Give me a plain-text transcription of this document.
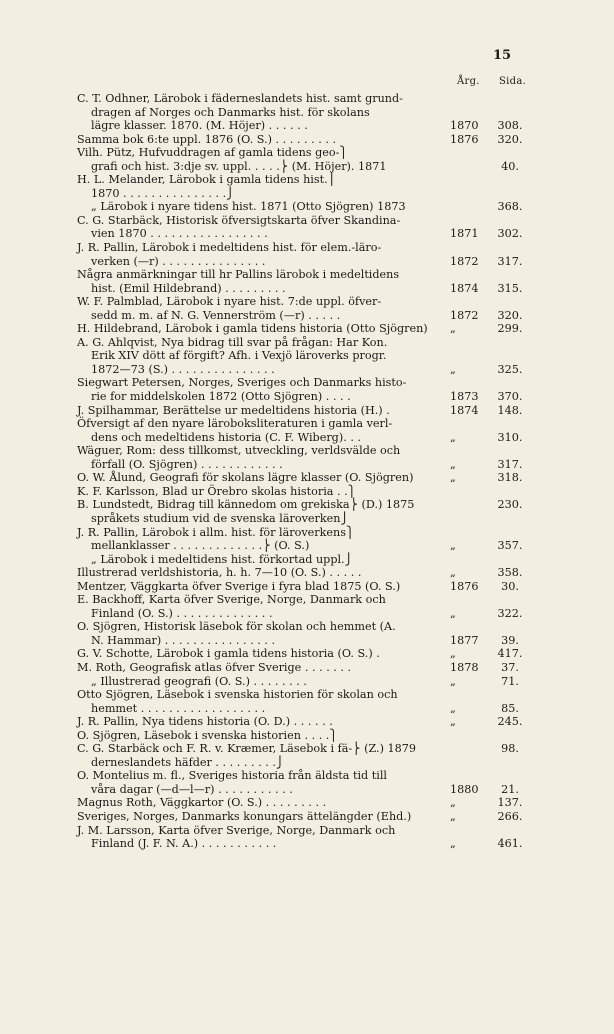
15
Årg. Sida.
C. T. Odhner, Lärobok i fäderneslandets hist. samt grund-
dragen af Norges och Danmarks hist. för skolans
lägre klasser. 1870. (M. Höjer) . . . . . .	1870	308.
Samma bok 6:te uppl. 1876 (O. S.) . . . . . . . . .	1876	320.
Vilh. Pütz, Hufvuddragen af gamla tidens geo-⎫
grafi och hist. 3:dje sv. uppl. . . . .⎬ (M. Höjer). 1871	40.
H. L. Melander, Lärobok i gamla tidens hist.⎪
1870 . . . . . . . . . . . . . . .⎭
„ Lärobok i nyare tidens hist. 1871 (Otto Sjögren) 1873	368.
C. G. Starbäck, Historisk öfversigtskarta öfver Skandina-
vien 1870 . . . . . . . . . . . . . . . . .	1871	302.
J. R. Pallin, Lärobok i medeltidens hist. för elem.-läro-
verken (—r) . . . . . . . . . . . . . . .	1872	317.
Några anmärkningar till hr Pallins lärobok i medeltidens
hist. (Emil Hildebrand) . . . . . . . . .	1874	315.
W. F. Palmblad, Lärobok i nyare hist. 7:de uppl. öfver-
sedd m. m. af N. G. Vennerström (—r) . . . . .	1872	320.
H. Hildebrand, Lärobok i gamla tidens historia (Otto Sjögren) „	299.
A. G. Ahlqvist, Nya bidrag till svar på frågan: Har Kon.
Erik XIV dött af förgift? Afh. i Vexjö läroverks progr.
1872—73 (S.) . . . . . . . . . . . . . . .	„	325.
Siegwart Petersen, Norges, Sveriges och Danmarks histo-
rie for middelskolen 1872 (Otto Sjögren) . . . .	1873	370.
J. Spilhammar, Berättelse ur medeltidens historia (H.) .	1874	148.
Öfversigt af den nyare läroboksliteraturen i gamla verl-
dens och medeltidens historia (C. F. Wiberg). . .	„	310.
Wäguer, Rom: dess tillkomst, utveckling, verldsvälde och
förfall (O. Sjögren) . . . . . . . . . . . .	„	317.
O. W. Ålund, Geografi för skolans lägre klasser (O. Sjögren)	„	318.
K. F. Karlsson, Blad ur Örebro skolas historia . .⎫
B. Lundstedt, Bidrag till kännedom om grekiska⎬ (D.) 1875	230.
språkets studium vid de svenska läroverken⎭
J. R. Pallin, Lärobok i allm. hist. för läroverkens⎫
mellanklasser . . . . . . . . . . . . .⎬ (O. S.)	„	357.
„ Lärobok i medeltidens hist. förkortad uppl.⎭
Illustrerad verldshistoria, h. h. 7—10 (O. S.) . . . . .	„	358.
Mentzer, Väggkarta öfver Sverige i fyra blad 1875 (O. S.)	1876	30.
E. Backhoff, Karta öfver Sverige, Norge, Danmark och
Finland (O. S.) . . . . . . . . . . . . . .	„	322.
O. Sjögren, Historisk läsebok för skolan och hemmet (A.
N. Hammar) . . . . . . . . . . . . . . . .	1877	39.
G. V. Schotte, Lärobok i gamla tidens historia (O. S.) .	„	417.
M. Roth, Geografisk atlas öfver Sverige . . . . . . .	1878	37.
„ Illustrerad geografi (O. S.) . . . . . . . .	„	71.
Otto Sjögren, Läsebok i svenska historien för skolan och
hemmet . . . . . . . . . . . . . . . . . .	„	85.
J. R. Pallin, Nya tidens historia (O. D.) . . . . . .	„	245.
O. Sjögren, Läsebok i svenska historien . . . .⎫
C. G. Starbäck och F. R. v. Kræmer, Läsebok i fä-⎬ (Z.) 1879	98.
derneslandets häfder . . . . . . . . .⎭
O. Montelius m. fl., Sveriges historia från äldsta tid till
våra dagar (—d—l—r) . . . . . . . . . . .	1880	21.
Magnus Roth, Väggkartor (O. S.) . . . . . . . . .	„	137.
Sveriges, Norges, Danmarks konungars ättelängder (Ehd.)	„	266.
J. M. Larsson, Karta öfver Sverige, Norge, Danmark och
Finland (J. F. N. A.) . . . . . . . . . . .	„	461.
